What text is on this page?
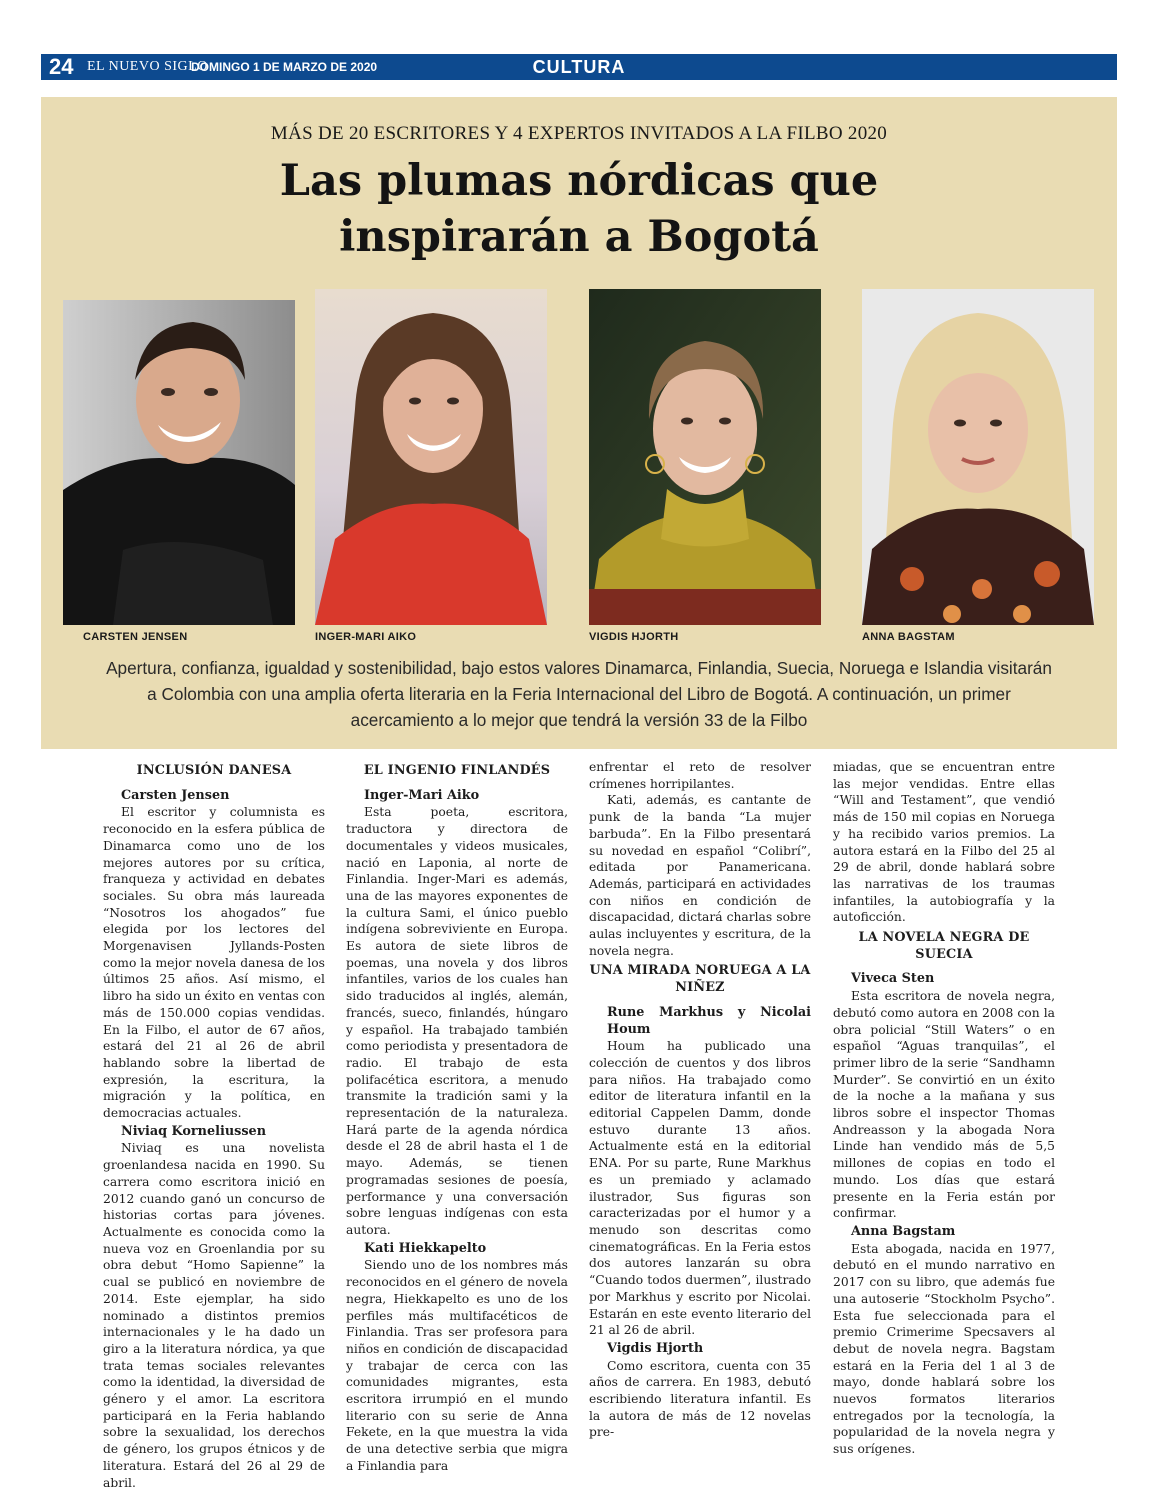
24 EL NUEVO SIGLO
DOMINGO 1 DE MARZO DE 2020	CULTURA
MÁS DE 20 ESCRITORES Y 4 EXPERTOS INVITADOS A LA FILBO 2020
Las plumas nórdicas que
inspirarán a Bogotá
CARSTEN JENSEN	INGER-MARI AIKO	VIGDIS HJORTH	ANNA BAGSTAM
Apertura, confianza, igualdad y sostenibilidad, bajo estos valores Dinamarca, Finlandia, Suecia, Noruega e Islandia visitarán a Colombia con una amplia oferta literaria en la Feria Internacional del Libro de Bogotá. A continuación, un primer acercamiento a lo mejor que tendrá la versión 33 de la Filbo
INCLUSIÓN DANESA
Carsten Jensen

El escritor y columnista es reconocido en la esfera pública de Dinamarca como uno de los mejores autores por su crítica, franqueza y actividad en debates sociales. Su obra más laureada “Nosotros los ahogados” fue elegida por los lectores del Morgenavisen Jyllands-Posten como la mejor novela danesa de los últimos 25 años. Así mismo, el libro ha sido un éxito en ventas con más de 150.000 copias vendidas. En la Filbo, el autor de 67 años, estará del 21 al 26 de abril hablando sobre la libertad de expresión, la escritura, la migración y la política, en democracias actuales.

Niviaq Korneliussen

Niviaq es una novelista groenlandesa nacida en 1990. Su carrera como escritora inició en 2012 cuando ganó un concurso de historias cortas para jóvenes. Actualmente es conocida como la nueva voz en Groenlandia por su obra debut “Homo Sapienne” la cual se publicó en noviembre de 2014. Este ejemplar, ha sido nominado a distintos premios internacionales y le ha dado un giro a la literatura nórdica, ya que trata temas sociales relevantes como la identidad, la diversidad de género y el amor. La escritora participará en la Feria hablando sobre la sexualidad, los derechos de género, los grupos étnicos y de literatura. Estará del 26 al 29 de abril.

EL INGENIO FINLANDÉS
Inger-Mari Aiko

Esta poeta, escritora, traductora y directora de documentales y videos musicales, nació en Laponia, al norte de Finlandia. Inger-Mari es además, una de las mayores exponentes de la cultura Sami, el único pueblo indígena sobreviviente en Europa. Es autora de siete libros de poemas, una novela y dos libros infantiles, varios de los cuales han sido traducidos al inglés, alemán, francés, sueco, finlandés, húngaro y español. Ha trabajado también como periodista y presentadora de radio. El trabajo de esta polifacética escritora, a menudo transmite la tradición sami y la representación de la naturaleza. Hará parte de la agenda nórdica desde el 28 de abril hasta el 1 de mayo. Además, se tienen programadas sesiones de poesía, performance y una conversación sobre lenguas indígenas con esta autora.

Kati Hiekkapelto

Siendo uno de los nombres más reconocidos en el género de novela negra, Hiekkapelto es uno de los perfiles más multifacéticos de Finlandia. Tras ser profesora para niños en condición de discapacidad y trabajar de cerca con las comunidades migrantes, esta escritora irrumpió en el mundo literario con su serie de Anna Fekete, en la que muestra la vida de una detective serbia que migra a Finlandia para

enfrentar el reto de resolver crímenes horripilantes.

Kati, además, es cantante de punk de la banda “La mujer barbuda”. En la Filbo presentará su novedad en español “Colibrí”, editada por Panamericana. Además, participará en actividades con niños en condición de discapacidad, dictará charlas sobre aulas incluyentes y escritura, de la novela negra.

UNA MIRADA NORUEGA A LA NIÑEZ
Rune Markhus y Nicolai Houm

Houm ha publicado una colección de cuentos y dos libros para niños. Ha trabajado como editor de literatura infantil en la editorial Cappelen Damm, donde estuvo durante 13 años. Actualmente está en la editorial ENA. Por su parte, Rune Markhus es un premiado y aclamado ilustrador, Sus figuras son caracterizadas por el humor y a menudo son descritas como cinematográficas. En la Feria estos dos autores lanzarán su obra “Cuando todos duermen”, ilustrado por Markhus y escrito por Nicolai. Estarán en este evento literario del 21 al 26 de abril.

Vigdis Hjorth

Como escritora, cuenta con 35 años de carrera. En 1983, debutó escribiendo literatura infantil. Es la autora de más de 12 novelas pre-

miadas, que se encuentran entre las mejor vendidas. Entre ellas “Will and Testament”, que vendió más de 150 mil copias en Noruega y ha recibido varios premios. La autora estará en la Filbo del 25 al 29 de abril, donde hablará sobre las narrativas de los traumas infantiles, la autobiografía y la autoficción.

LA NOVELA NEGRA DE SUECIA
Viveca Sten

Esta escritora de novela negra, debutó como autora en 2008 con la obra policial “Still Waters” o en español “Aguas tranquilas”, el primer libro de la serie “Sandhamn Murder”. Se convirtió en un éxito de la noche a la mañana y sus libros sobre el inspector Thomas Andreasson y la abogada Nora Linde han vendido más de 5,5 millones de copias en todo el mundo. Los días que estará presente en la Feria están por confirmar.

Anna Bagstam

Esta abogada, nacida en 1977, debutó en el mundo narrativo en 2017 con su libro, que además fue una autoserie “Stockholm Psycho”. Esta fue seleccionada para el premio Crimerime Specsavers al debut de novela negra. Bagstam estará en la Feria del 1 al 3 de mayo, donde hablará sobre los nuevos formatos literarios entregados por la tecnología, la popularidad de la novela negra y sus orígenes.
